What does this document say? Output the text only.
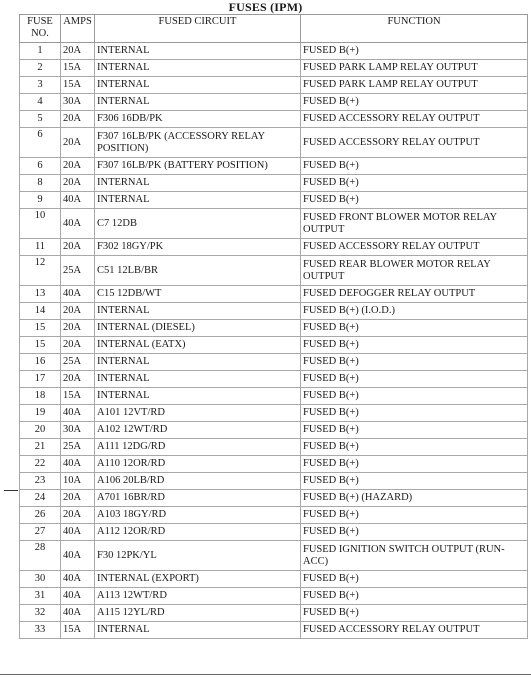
FUSES (IPM)
FUSE NO.	AMPS	FUSED CIRCUIT	FUNCTION
1	20A	INTERNAL	FUSED B(+)
2	15A	INTERNAL	FUSED PARK LAMP RELAY OUTPUT
3	15A	INTERNAL	FUSED PARK LAMP RELAY OUTPUT
4	30A	INTERNAL	FUSED B(+)
5	20A	F306 16DB/PK	FUSED ACCESSORY RELAY OUTPUT
6	20A	F307 16LB/PK (ACCESSORY RELAY POSITION)	FUSED ACCESSORY RELAY OUTPUT
6	20A	F307 16LB/PK (BATTERY POSITION)	FUSED B(+)
8	20A	INTERNAL	FUSED B(+)
9	40A	INTERNAL	FUSED B(+)
10	40A	C7 12DB	FUSED FRONT BLOWER MOTOR RELAY OUTPUT
11	20A	F302 18GY/PK	FUSED ACCESSORY RELAY OUTPUT
12	25A	C51 12LB/BR	FUSED REAR BLOWER MOTOR RELAY OUTPUT
13	40A	C15 12DB/WT	FUSED DEFOGGER RELAY OUTPUT
14	20A	INTERNAL	FUSED B(+) (I.O.D.)
15	20A	INTERNAL (DIESEL)	FUSED B(+)
15	20A	INTERNAL (EATX)	FUSED B(+)
16	25A	INTERNAL	FUSED B(+)
17	20A	INTERNAL	FUSED B(+)
18	15A	INTERNAL	FUSED B(+)
19	40A	A101 12VT/RD	FUSED B(+)
20	30A	A102 12WT/RD	FUSED B(+)
21	25A	A111 12DG/RD	FUSED B(+)
22	40A	A110 12OR/RD	FUSED B(+)
23	10A	A106 20LB/RD	FUSED B(+)
24	20A	A701 16BR/RD	FUSED B(+) (HAZARD)
26	20A	A103 18GY/RD	FUSED B(+)
27	40A	A112 12OR/RD	FUSED B(+)
28	40A	F30 12PK/YL	FUSED IGNITION SWITCH OUTPUT (RUN-ACC)
30	40A	INTERNAL (EXPORT)	FUSED B(+)
31	40A	A113 12WT/RD	FUSED B(+)
32	40A	A115 12YL/RD	FUSED B(+)
33	15A	INTERNAL	FUSED ACCESSORY RELAY OUTPUT
